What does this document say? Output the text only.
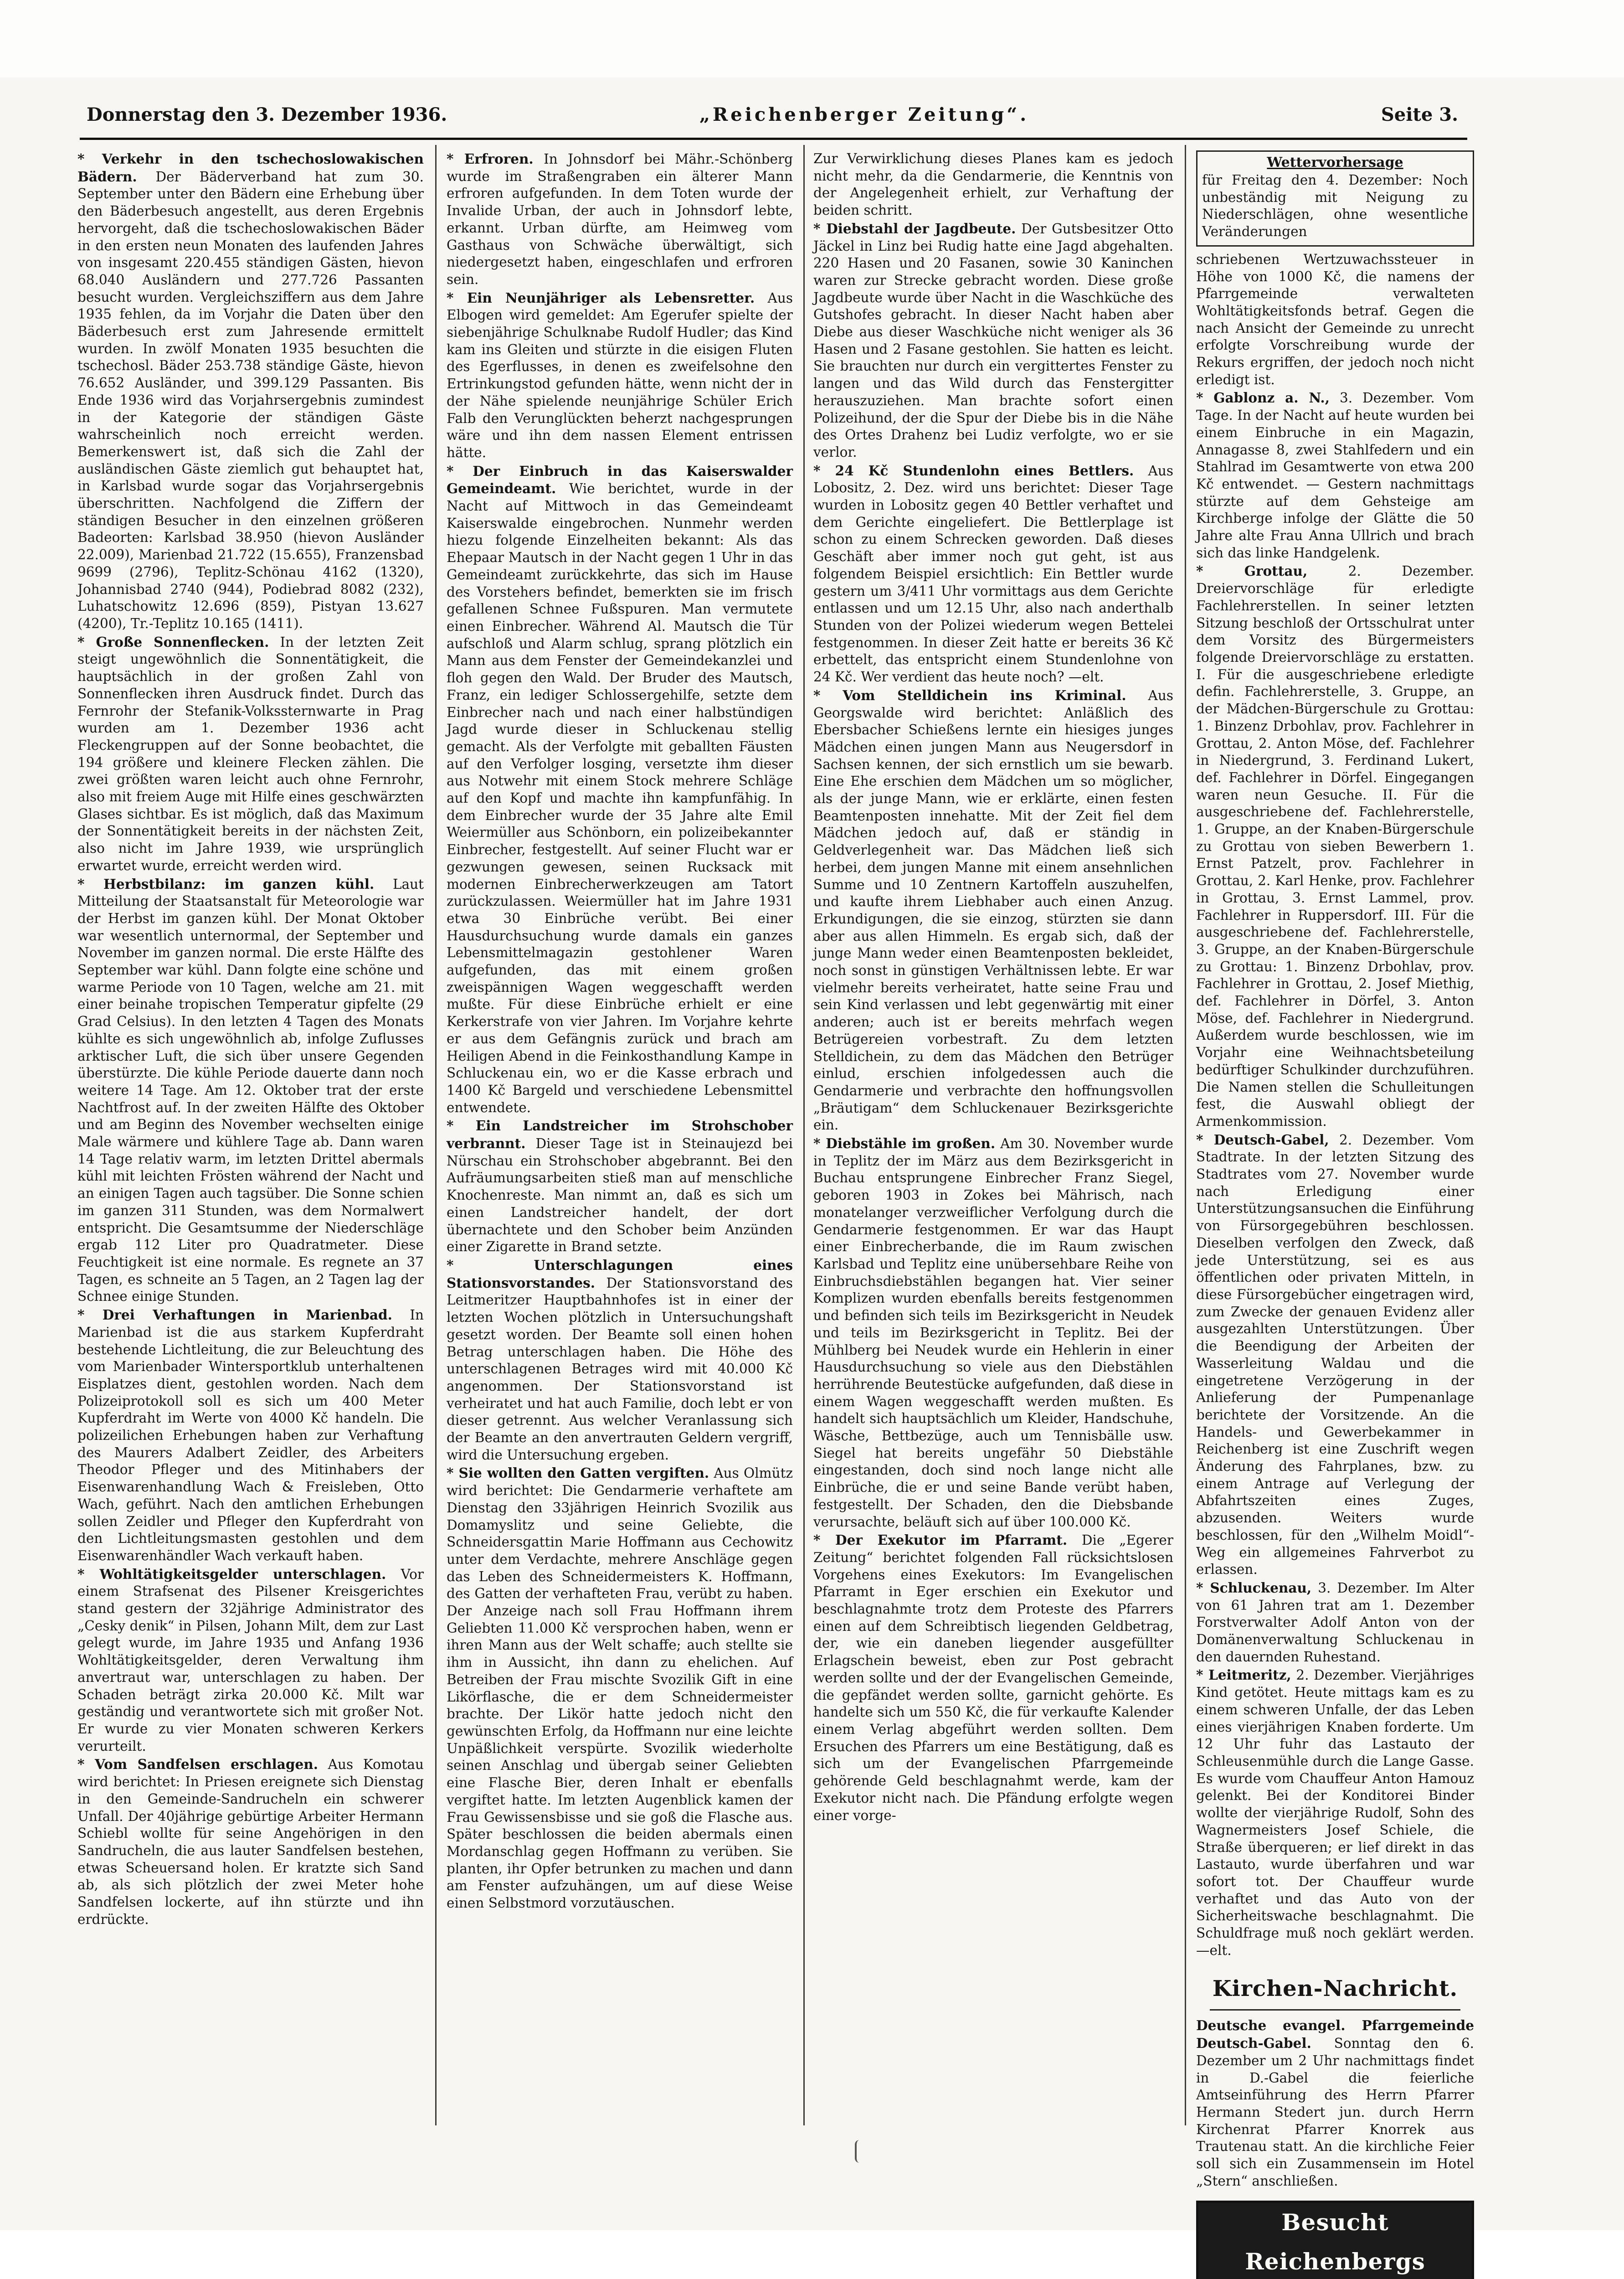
Donnerstag den 3. Dezember 1936.	„Reichenberger Zeitung“.	Seite 3.

* Verkehr in den tschechoslowakischen Bädern. Der Bäderverband hat zum 30. September unter den Bädern eine Erhebung über den Bäderbesuch angestellt, aus deren Ergebnis hervorgeht, daß die tschechoslowakischen Bäder in den ersten neun Monaten des laufenden Jahres von insgesamt 220.455 ständigen Gästen, hievon 68.040 Ausländern und 277.726 Passanten besucht wurden. Vergleichsziffern aus dem Jahre 1935 fehlen, da im Vorjahr die Daten über den Bäderbesuch erst zum Jahresende ermittelt wurden. In zwölf Monaten 1935 besuchten die tschechosl. Bäder 253.738 ständige Gäste, hievon 76.652 Ausländer, und 399.129 Passanten. Bis Ende 1936 wird das Vorjahrsergebnis zumindest in der Kategorie der ständigen Gäste wahrscheinlich noch erreicht werden. Bemerkenswert ist, daß sich die Zahl der ausländischen Gäste ziemlich gut behauptet hat, in Karlsbad wurde sogar das Vorjahrsergebnis überschritten. Nachfolgend die Ziffern der ständigen Besucher in den einzelnen größeren Badeorten: Karlsbad 38.950 (hievon Ausländer 22.009), Marienbad 21.722 (15.655), Franzensbad 9699 (2796), Teplitz-Schönau 4162 (1320), Johannisbad 2740 (944), Podiebrad 8082 (232), Luhatschowitz 12.696 (859), Pistyan 13.627 (4200), Tr.-Teplitz 10.165 (1411).

* Große Sonnenflecken. In der letzten Zeit steigt ungewöhnlich die Sonnentätigkeit, die hauptsächlich in der großen Zahl von Sonnenflecken ihren Ausdruck findet. Durch das Fernrohr der Stefanik-Volkssternwarte in Prag wurden am 1. Dezember 1936 acht Fleckengruppen auf der Sonne beobachtet, die 194 größere und kleinere Flecken zählen. Die zwei größten waren leicht auch ohne Fernrohr, also mit freiem Auge mit Hilfe eines geschwärzten Glases sichtbar. Es ist möglich, daß das Maximum der Sonnentätigkeit bereits in der nächsten Zeit, also nicht im Jahre 1939, wie ursprünglich erwartet wurde, erreicht werden wird.

* Herbstbilanz: im ganzen kühl. Laut Mitteilung der Staatsanstalt für Meteorologie war der Herbst im ganzen kühl. Der Monat Oktober war wesentlich unternormal, der September und November im ganzen normal. Die erste Hälfte des September war kühl. Dann folgte eine schöne und warme Periode von 10 Tagen, welche am 21. mit einer beinahe tropischen Temperatur gipfelte (29 Grad Celsius). In den letzten 4 Tagen des Monats kühlte es sich ungewöhnlich ab, infolge Zuflusses arktischer Luft, die sich über unsere Gegenden überstürzte. Die kühle Periode dauerte dann noch weitere 14 Tage. Am 12. Oktober trat der erste Nachtfrost auf. In der zweiten Hälfte des Oktober und am Beginn des November wechselten einige Male wärmere und kühlere Tage ab. Dann waren 14 Tage relativ warm, im letzten Drittel abermals kühl mit leichten Frösten während der Nacht und an einigen Tagen auch tagsüber. Die Sonne schien im ganzen 311 Stunden, was dem Normalwert entspricht. Die Gesamtsumme der Niederschläge ergab 112 Liter pro Quadratmeter. Diese Feuchtigkeit ist eine normale. Es regnete an 37 Tagen, es schneite an 5 Tagen, an 2 Tagen lag der Schnee einige Stunden.

* Drei Verhaftungen in Marienbad. In Marienbad ist die aus starkem Kupferdraht bestehende Lichtleitung, die zur Beleuchtung des vom Marienbader Wintersportklub unterhaltenen Eisplatzes dient, gestohlen worden. Nach dem Polizeiprotokoll soll es sich um 400 Meter Kupferdraht im Werte von 4000 Kč handeln. Die polizeilichen Erhebungen haben zur Verhaftung des Maurers Adalbert Zeidler, des Arbeiters Theodor Pfleger und des Mitinhabers der Eisenwarenhandlung Wach & Freisleben, Otto Wach, geführt. Nach den amtlichen Erhebungen sollen Zeidler und Pfleger den Kupferdraht von den Lichtleitungsmasten gestohlen und dem Eisenwarenhändler Wach verkauft haben.

* Wohltätigkeitsgelder unterschlagen. Vor einem Strafsenat des Pilsener Kreisgerichtes stand gestern der 32jährige Administrator des „Cesky denik“ in Pilsen, Johann Milt, dem zur Last gelegt wurde, im Jahre 1935 und Anfang 1936 Wohltätigkeitsgelder, deren Verwaltung ihm anvertraut war, unterschlagen zu haben. Der Schaden beträgt zirka 20.000 Kč. Milt war geständig und verantwortete sich mit großer Not. Er wurde zu vier Monaten schweren Kerkers verurteilt.

* Vom Sandfelsen erschlagen. Aus Komotau wird berichtet: In Priesen ereignete sich Dienstag in den Gemeinde-Sandrucheln ein schwerer Unfall. Der 40jährige gebürtige Arbeiter Hermann Schiebl wollte für seine Angehörigen in den Sandrucheln, die aus lauter Sandfelsen bestehen, etwas Scheuersand holen. Er kratzte sich Sand ab, als sich plötzlich der zwei Meter hohe Sandfelsen lockerte, auf ihn stürzte und ihn erdrückte.

* Erfroren. In Johnsdorf bei Mähr.-Schönberg wurde im Straßengraben ein älterer Mann erfroren aufgefunden. In dem Toten wurde der Invalide Urban, der auch in Johnsdorf lebte, erkannt. Urban dürfte, am Heimweg vom Gasthaus von Schwäche überwältigt, sich niedergesetzt haben, eingeschlafen und erfroren sein.

* Ein Neunjähriger als Lebensretter. Aus Elbogen wird gemeldet: Am Egerufer spielte der siebenjährige Schulknabe Rudolf Hudler; das Kind kam ins Gleiten und stürzte in die eisigen Fluten des Egerflusses, in denen es zweifelsohne den Ertrinkungstod gefunden hätte, wenn nicht der in der Nähe spielende neunjährige Schüler Erich Falb den Verunglückten beherzt nachgesprungen wäre und ihn dem nassen Element entrissen hätte.

* Der Einbruch in das Kaiserswalder Gemeindeamt. Wie berichtet, wurde in der Nacht auf Mittwoch in das Gemeindeamt Kaiserswalde eingebrochen. Nunmehr werden hiezu folgende Einzelheiten bekannt: Als das Ehepaar Mautsch in der Nacht gegen 1 Uhr in das Gemeindeamt zurückkehrte, das sich im Hause des Vorstehers befindet, bemerkten sie im frisch gefallenen Schnee Fußspuren. Man vermutete einen Einbrecher. Während Al. Mautsch die Tür aufschloß und Alarm schlug, sprang plötzlich ein Mann aus dem Fenster der Gemeindekanzlei und floh gegen den Wald. Der Bruder des Mautsch, Franz, ein lediger Schlossergehilfe, setzte dem Einbrecher nach und nach einer halbstündigen Jagd wurde dieser in Schluckenau stellig gemacht. Als der Verfolgte mit geballten Fäusten auf den Verfolger losging, versetzte ihm dieser aus Notwehr mit einem Stock mehrere Schläge auf den Kopf und machte ihn kampfunfähig. In dem Einbrecher wurde der 35 Jahre alte Emil Weiermüller aus Schönborn, ein polizeibekannter Einbrecher, festgestellt. Auf seiner Flucht war er gezwungen gewesen, seinen Rucksack mit modernen Einbrecherwerkzeugen am Tatort zurückzulassen. Weiermüller hat im Jahre 1931 etwa 30 Einbrüche verübt. Bei einer Hausdurchsuchung wurde damals ein ganzes Lebensmittelmagazin gestohlener Waren aufgefunden, das mit einem großen zweispännigen Wagen weggeschafft werden mußte. Für diese Einbrüche erhielt er eine Kerkerstrafe von vier Jahren. Im Vorjahre kehrte er aus dem Gefängnis zurück und brach am Heiligen Abend in die Feinkosthandlung Kampe in Schluckenau ein, wo er die Kasse erbrach und 1400 Kč Bargeld und verschiedene Lebensmittel entwendete.

* Ein Landstreicher im Strohschober verbrannt. Dieser Tage ist in Steinaujezd bei Nürschau ein Strohschober abgebrannt. Bei den Aufräumungsarbeiten stieß man auf menschliche Knochenreste. Man nimmt an, daß es sich um einen Landstreicher handelt, der dort übernachtete und den Schober beim Anzünden einer Zigarette in Brand setzte.

* Unterschlagungen eines Stationsvorstandes. Der Stationsvorstand des Leitmeritzer Hauptbahnhofes ist in einer der letzten Wochen plötzlich in Untersuchungshaft gesetzt worden. Der Beamte soll einen hohen Betrag unterschlagen haben. Die Höhe des unterschlagenen Betrages wird mit 40.000 Kč angenommen. Der Stationsvorstand ist verheiratet und hat auch Familie, doch lebt er von dieser getrennt. Aus welcher Veranlassung sich der Beamte an den anvertrauten Geldern vergriff, wird die Untersuchung ergeben.

* Sie wollten den Gatten vergiften. Aus Olmütz wird berichtet: Die Gendarmerie verhaftete am Dienstag den 33jährigen Heinrich Svozilik aus Domamyslitz und seine Geliebte, die Schneidersgattin Marie Hoffmann aus Cechowitz unter dem Verdachte, mehrere Anschläge gegen das Leben des Schneidermeisters K. Hoffmann, des Gatten der verhafteten Frau, verübt zu haben. Der Anzeige nach soll Frau Hoffmann ihrem Geliebten 11.000 Kč versprochen haben, wenn er ihren Mann aus der Welt schaffe; auch stellte sie ihm in Aussicht, ihn dann zu ehelichen. Auf Betreiben der Frau mischte Svozilik Gift in eine Likörflasche, die er dem Schneidermeister brachte. Der Likör hatte jedoch nicht den gewünschten Erfolg, da Hoffmann nur eine leichte Unpäßlichkeit verspürte. Svozilik wiederholte seinen Anschlag und übergab seiner Geliebten eine Flasche Bier, deren Inhalt er ebenfalls vergiftet hatte. Im letzten Augenblick kamen der Frau Gewissensbisse und sie goß die Flasche aus. Später beschlossen die beiden abermals einen Mordanschlag gegen Hoffmann zu verüben. Sie planten, ihr Opfer betrunken zu machen und dann am Fenster aufzuhängen, um auf diese Weise einen Selbstmord vorzutäuschen.

Zur Verwirklichung dieses Planes kam es jedoch nicht mehr, da die Gendarmerie, die Kenntnis von der Angelegenheit erhielt, zur Verhaftung der beiden schritt.

* Diebstahl der Jagdbeute. Der Gutsbesitzer Otto Jäckel in Linz bei Rudig hatte eine Jagd abgehalten. 220 Hasen und 20 Fasanen, sowie 30 Kaninchen waren zur Strecke gebracht worden. Diese große Jagdbeute wurde über Nacht in die Waschküche des Gutshofes gebracht. In dieser Nacht haben aber Diebe aus dieser Waschküche nicht weniger als 36 Hasen und 2 Fasane gestohlen. Sie hatten es leicht. Sie brauchten nur durch ein vergittertes Fenster zu langen und das Wild durch das Fenstergitter herauszuziehen. Man brachte sofort einen Polizeihund, der die Spur der Diebe bis in die Nähe des Ortes Drahenz bei Ludiz verfolgte, wo er sie verlor.

* 24 Kč Stundenlohn eines Bettlers. Aus Lobositz, 2. Dez. wird uns berichtet: Dieser Tage wurden in Lobositz gegen 40 Bettler verhaftet und dem Gerichte eingeliefert. Die Bettlerplage ist schon zu einem Schrecken geworden. Daß dieses Geschäft aber immer noch gut geht, ist aus folgendem Beispiel ersichtlich: Ein Bettler wurde gestern um 3/411 Uhr vormittags aus dem Gerichte entlassen und um 12.15 Uhr, also nach anderthalb Stunden von der Polizei wiederum wegen Bettelei festgenommen. In dieser Zeit hatte er bereits 36 Kč erbettelt, das entspricht einem Stundenlohne von 24 Kč. Wer verdient das heute noch? —elt.

* Vom Stelldichein ins Kriminal. Aus Georgswalde wird berichtet: Anläßlich des Ebersbacher Schießens lernte ein hiesiges junges Mädchen einen jungen Mann aus Neugersdorf in Sachsen kennen, der sich ernstlich um sie bewarb. Eine Ehe erschien dem Mädchen um so möglicher, als der junge Mann, wie er erklärte, einen festen Beamtenposten innehatte. Mit der Zeit fiel dem Mädchen jedoch auf, daß er ständig in Geldverlegenheit war. Das Mädchen ließ sich herbei, dem jungen Manne mit einem ansehnlichen Summe und 10 Zentnern Kartoffeln auszuhelfen, und kaufte ihrem Liebhaber auch einen Anzug. Erkundigungen, die sie einzog, stürzten sie dann aber aus allen Himmeln. Es ergab sich, daß der junge Mann weder einen Beamtenposten bekleidet, noch sonst in günstigen Verhältnissen lebte. Er war vielmehr bereits verheiratet, hatte seine Frau und sein Kind verlassen und lebt gegenwärtig mit einer anderen; auch ist er bereits mehrfach wegen Betrügereien vorbestraft. Zu dem letzten Stelldichein, zu dem das Mädchen den Betrüger einlud, erschien infolgedessen auch die Gendarmerie und verbrachte den hoffnungsvollen „Bräutigam“ dem Schluckenauer Bezirksgerichte ein.

* Diebstähle im großen. Am 30. November wurde in Teplitz der im März aus dem Bezirksgericht in Buchau entsprungene Einbrecher Franz Siegel, geboren 1903 in Zokes bei Mährisch, nach monatelanger verzweiflicher Verfolgung durch die Gendarmerie festgenommen. Er war das Haupt einer Einbrecherbande, die im Raum zwischen Karlsbad und Teplitz eine unübersehbare Reihe von Einbruchsdiebstählen begangen hat. Vier seiner Komplizen wurden ebenfalls bereits festgenommen und befinden sich teils im Bezirksgericht in Neudek und teils im Bezirksgericht in Teplitz. Bei der Mühlberg bei Neudek wurde ein Hehlerin in einer Hausdurchsuchung so viele aus den Diebstählen herrührende Beutestücke aufgefunden, daß diese in einem Wagen weggeschafft werden mußten. Es handelt sich hauptsächlich um Kleider, Handschuhe, Wäsche, Bettbezüge, auch um Tennisbälle usw. Siegel hat bereits ungefähr 50 Diebstähle eingestanden, doch sind noch lange nicht alle Einbrüche, die er und seine Bande verübt haben, festgestellt. Der Schaden, den die Diebsbande verursachte, beläuft sich auf über 100.000 Kč.

* Der Exekutor im Pfarramt. Die „Egerer Zeitung“ berichtet folgenden Fall rücksichtslosen Vorgehens eines Exekutors: Im Evangelischen Pfarramt in Eger erschien ein Exekutor und beschlagnahmte trotz dem Proteste des Pfarrers einen auf dem Schreibtisch liegenden Geldbetrag, der, wie ein daneben liegender ausgefüllter Erlagschein beweist, eben zur Post gebracht werden sollte und der der Evangelischen Gemeinde, die gepfändet werden sollte, garnicht gehörte. Es handelte sich um 550 Kč, die für verkaufte Kalender einem Verlag abgeführt werden sollten. Dem Ersuchen des Pfarrers um eine Bestätigung, daß es sich um der Evangelischen Pfarrgemeinde gehörende Geld beschlagnahmt werde, kam der Exekutor nicht nach. Die Pfändung erfolgte wegen einer vorge-

Wettervorhersage
für Freitag den 4. Dezember: Noch unbeständig mit Neigung zu Niederschlägen, ohne wesentliche Veränderungen

schriebenen Wertzuwachssteuer in Höhe von 1000 Kč, die namens der Pfarrgemeinde verwalteten Wohltätigkeitsfonds betraf. Gegen die nach Ansicht der Gemeinde zu unrecht erfolgte Vorschreibung wurde der Rekurs ergriffen, der jedoch noch nicht erledigt ist.

* Gablonz a. N., 3. Dezember. Vom Tage. In der Nacht auf heute wurden bei einem Einbruche in ein Magazin, Annagasse 8, zwei Stahlfedern und ein Stahlrad im Gesamtwerte von etwa 200 Kč entwendet. — Gestern nachmittags stürzte auf dem Gehsteige am Kirchberge infolge der Glätte die 50 Jahre alte Frau Anna Ullrich und brach sich das linke Handgelenk.

* Grottau,	2. Dezember. Dreiervorschläge für erledigte Fachlehrerstellen. In seiner letzten Sitzung beschloß der Ortsschulrat unter dem Vorsitz des Bürgermeisters folgende Dreiervorschläge zu erstatten. I. Für die ausgeschriebene erledigte defin. Fachlehrerstelle, 3. Gruppe, an der Mädchen-Bürgerschule zu Grottau: 1. Binzenz Drbohlav, prov. Fachlehrer in Grottau, 2. Anton Möse, def. Fachlehrer in Niedergrund, 3. Ferdinand Lukert, def. Fachlehrer in Dörfel. Eingegangen waren neun Gesuche. II. Für die ausgeschriebene def. Fachlehrerstelle, 1. Gruppe, an der Knaben-Bürgerschule zu Grottau von sieben Bewerbern 1. Ernst Patzelt, prov. Fachlehrer in Grottau, 2. Karl Henke, prov. Fachlehrer in Grottau, 3. Ernst Lammel, prov. Fachlehrer in Ruppersdorf. III. Für die ausgeschriebene def. Fachlehrerstelle, 3. Gruppe, an der Knaben-Bürgerschule zu Grottau: 1. Binzenz Drbohlav, prov. Fachlehrer in Grottau, 2. Josef Miethig, def. Fachlehrer in Dörfel, 3. Anton Möse, def. Fachlehrer in Niedergrund. Außerdem wurde beschlossen, wie im Vorjahr eine Weihnachtsbeteilung bedürftiger Schulkinder durchzuführen. Die Namen stellen die Schulleitungen fest, die Auswahl obliegt der Armenkommission.

* Deutsch-Gabel, 2. Dezember. Vom Stadtrate. In der letzten Sitzung des Stadtrates vom 27. November wurde nach Erledigung einer Unterstützungsansuchen die Einführung von Fürsorgegebühren beschlossen. Dieselben verfolgen den Zweck, daß jede Unterstützung, sei es aus öffentlichen oder privaten Mitteln, in diese Fürsorgebücher eingetragen wird, zum Zwecke der genauen Evidenz aller ausgezahlten Unterstützungen. Über die Beendigung der Arbeiten der Wasserleitung Waldau und die eingetretene Verzögerung in der Anlieferung der Pumpenanlage berichtete der Vorsitzende. An die Handels- und Gewerbekammer in Reichenberg ist eine Zuschrift wegen Änderung des Fahrplanes, bzw. zu einem Antrage auf Verlegung der Abfahrtszeiten eines Zuges, abzusenden. Weiters wurde beschlossen, für den „Wilhelm Moidl“-Weg ein allgemeines Fahrverbot zu erlassen.

* Schluckenau, 3. Dezember. Im Alter von 61 Jahren trat am 1. Dezember Forstverwalter Adolf Anton von der Domänenverwaltung Schluckenau in den dauernden Ruhestand.

* Leitmeritz, 2. Dezember. Vierjähriges Kind getötet. Heute mittags kam es zu einem schweren Unfalle, der das Leben eines vierjährigen Knaben forderte. Um 12 Uhr fuhr das Lastauto der Schleusenmühle durch die Lange Gasse. Es wurde vom Chauffeur Anton Hamouz gelenkt. Bei der Konditorei Binder wollte der vierjährige Rudolf, Sohn des Wagnermeisters Josef Schiele, die Straße überqueren; er lief direkt in das Lastauto, wurde überfahren und war sofort tot. Der Chauffeur wurde verhaftet und das Auto von der Sicherheitswache beschlagnahmt. Die Schuldfrage muß noch geklärt werden. —elt.

Kirchen-Nachricht.

Deutsche evangel. Pfarrgemeinde Deutsch-Gabel. Sonntag den 6. Dezember um 2 Uhr nachmittags findet in D.-Gabel die feierliche Amtseinführung des Herrn Pfarrer Hermann Stedert jun. durch Herrn Kirchenrat Pfarrer Knorrek aus Trautenau statt. An die kirchliche Feier soll sich ein Zusammensein im Hotel „Stern“ anschließen.

Besucht Reichenbergs
